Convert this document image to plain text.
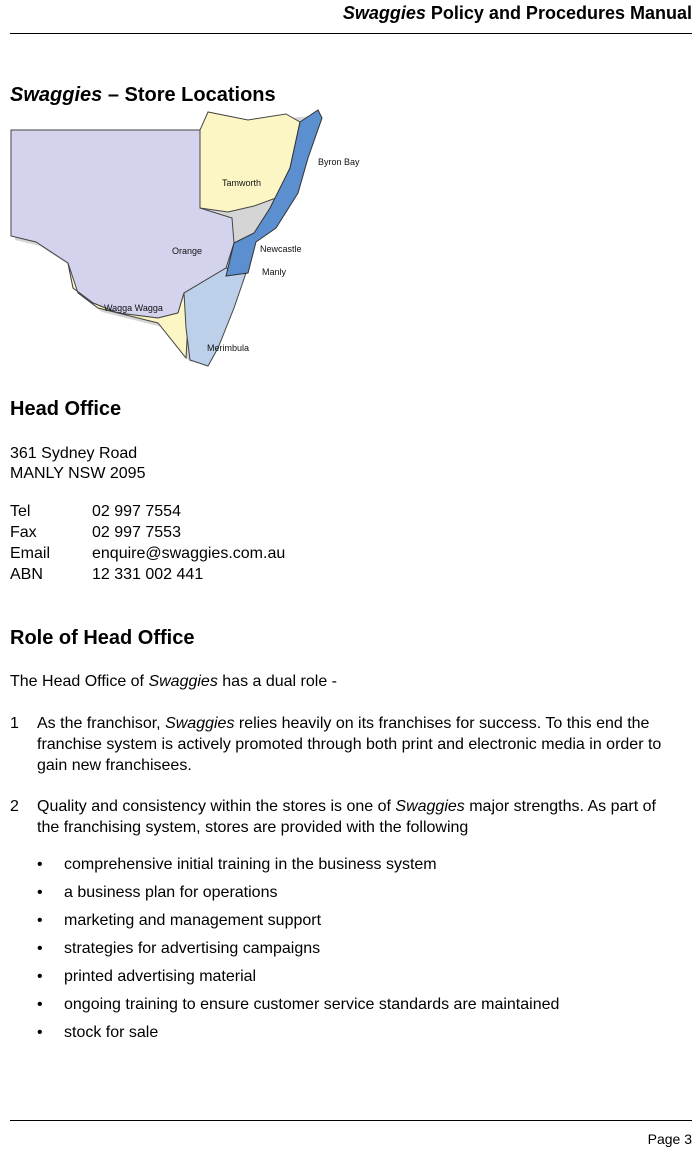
Swaggies Policy and Procedures Manual
Swaggies – Store Locations
Byron Bay
Tamworth
Orange	Newcastle
Manly
Wagga Wagga
Merimbula
Head Office
361 Sydney Road
MANLY NSW 2095
Tel	02 997 7554
Fax	02 997 7553
Email	enquire@swaggies.com.au
ABN	12 331 002 441
Role of Head Office
The Head Office of Swaggies has a dual role -
1 As the franchisor, Swaggies relies heavily on its franchises for success. To this end the franchise system is actively promoted through both print and electronic media in order to gain new franchisees.
2 Quality and consistency within the stores is one of Swaggies major strengths. As part of the franchising system, stores are provided with the following
• comprehensive initial training in the business system
• a business plan for operations
• marketing and management support
• strategies for advertising campaigns
• printed advertising material
• ongoing training to ensure customer service standards are maintained
• stock for sale
Page 3
